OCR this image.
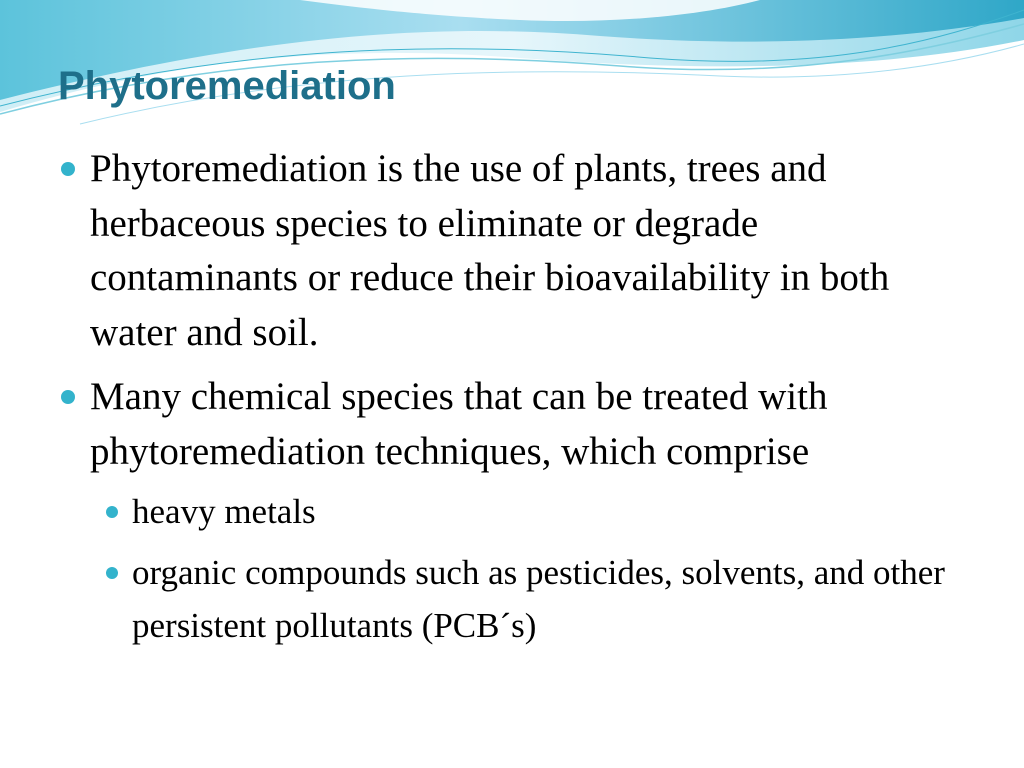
Phytoremediation
Phytoremediation is the use of plants, trees and herbaceous species to eliminate or degrade contaminants or reduce their bioavailability in both water and soil.
Many chemical species that can be treated with phytoremediation techniques, which comprise
heavy metals
organic compounds such as pesticides, solvents, and other persistent pollutants (PCB´s)
